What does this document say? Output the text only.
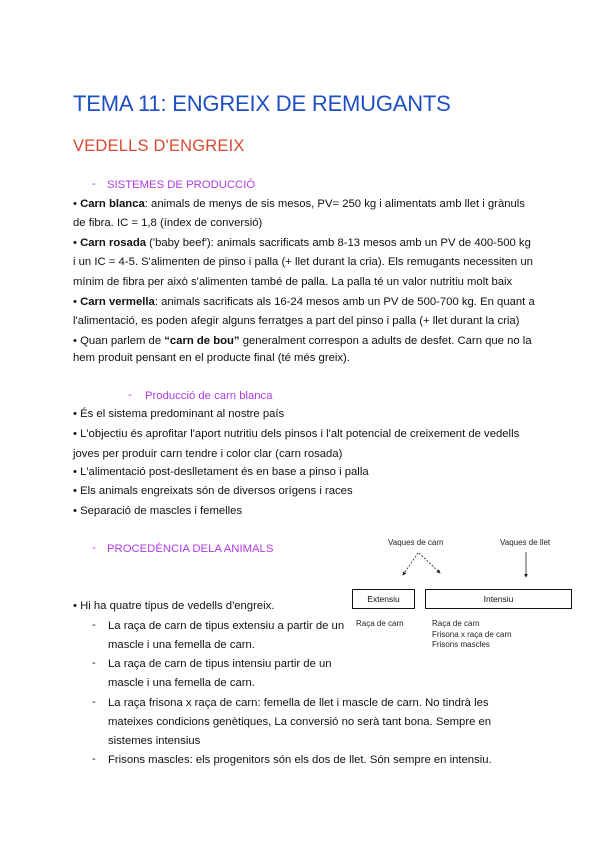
TEMA 11: ENGREIX DE REMUGANTS
VEDELLS D'ENGREIX
- SISTEMES DE PRODUCCIÓ
• Carn blanca: animals de menys de sis mesos, PV= 250 kg i alimentats amb llet i grànuls
de fibra. IC = 1,8 (índex de conversió)
• Carn rosada ('baby beef'): animals sacrificats amb 8-13 mesos amb un PV de 400-500 kg
i un IC = 4-5. S'alimenten de pinso i palla (+ llet durant la cria). Els remugants necessiten un
mínim de fibra per això s'alimenten també de palla. La palla té un valor nutritiu molt baix
• Carn vermella: animals sacrificats als 16-24 mesos amb un PV de 500-700 kg. En quant a
l'alimentació, es poden afegir alguns ferratges a part del pinso i palla (+ llet durant la cria)
• Quan parlem de “carn de bou” generalment correspon a adults de desfet. Carn que no la
hem produit pensant en el producte final (té més greix).
- Producció de carn blanca
• És el sistema predominant al nostre país
• L'objectiu és aprofitar l'aport nutritiu dels pinsos i l'alt potencial de creixement de vedells
joves per produir carn tendre i color clar (carn rosada)
• L'alimentació post-deslletament és en base a pinso i palla
• Els animals engreixats són de diversos orígens i races
• Separació de mascles i femelles
- PROCEDÈNCIA DELA ANIMALS
• Hi ha quatre tipus de vedells d'engreix.
- La raça de carn de tipus extensiu a partir de un
mascle i una femella de carn.
- La raça de carn de tipus intensiu partir de un
mascle i una femella de carn.
- La raça frisona x raça de carn: femella de llet i mascle de carn. No tindrà les
mateixes condicions genètiques, La conversió no serà tant bona. Sempre en
sistemes intensius
- Frisons mascles: els progenitors són els dos de llet. Són sempre en intensiu.
Vaques de carn	Vaques de llet
Extensiu	Intensiu
Raça de carn	Raça de carn
Frisona x raça de carn
Frisons mascles
